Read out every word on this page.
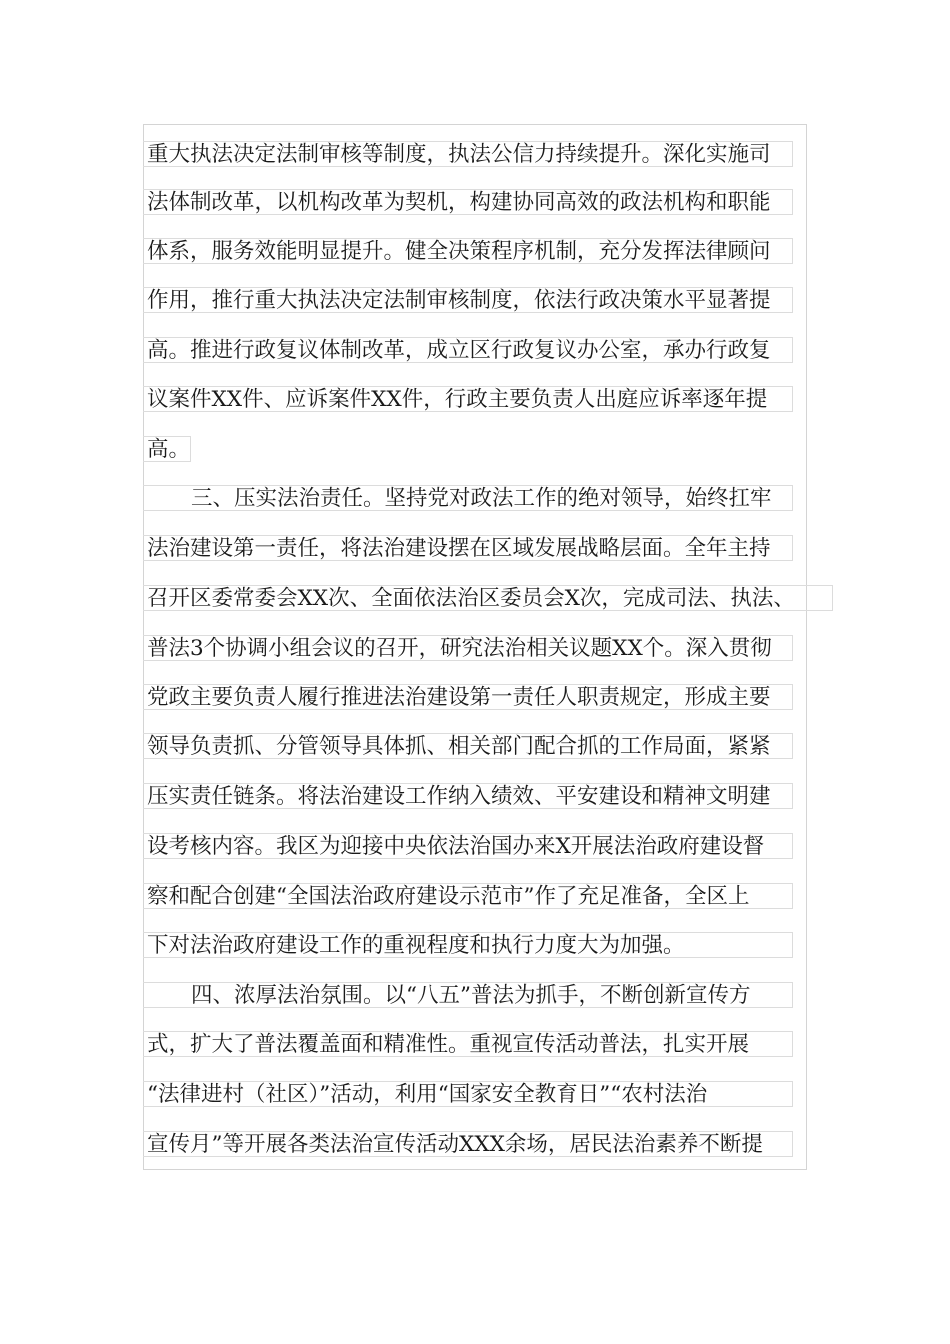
重大执法决定法制审核等制度，执法公信力持续提升。深化实施司
法体制改革，以机构改革为契机，构建协同高效的政法机构和职能
体系，服务效能明显提升。健全决策程序机制，充分发挥法律顾问
作用，推行重大执法决定法制审核制度，依法行政决策水平显著提
高。推进行政复议体制改革，成立区行政复议办公室，承办行政复
议案件XX件、应诉案件XX件，行政主要负责人出庭应诉率逐年提
高。
三、压实法治责任。坚持党对政法工作的绝对领导，始终扛牢
法治建设第一责任，将法治建设摆在区域发展战略层面。全年主持
召开区委常委会XX次、全面依法治区委员会X次，完成司法、执法、
普法3个协调小组会议的召开，研究法治相关议题XX个。深入贯彻
党政主要负责人履行推进法治建设第一责任人职责规定，形成主要
领导负责抓、分管领导具体抓、相关部门配合抓的工作局面，紧紧
压实责任链条。将法治建设工作纳入绩效、平安建设和精神文明建
设考核内容。我区为迎接中央依法治国办来X开展法治政府建设督
察和配合创建“全国法治政府建设示范市”作了充足准备，全区上
下对法治政府建设工作的重视程度和执行力度大为加强。
四、浓厚法治氛围。以“八五”普法为抓手，不断创新宣传方
式，扩大了普法覆盖面和精准性。重视宣传活动普法，扎实开展
“法律进村（社区）”活动，利用“国家安全教育日”“农村法治
宣传月”等开展各类法治宣传活动XXX余场，居民法治素养不断提
